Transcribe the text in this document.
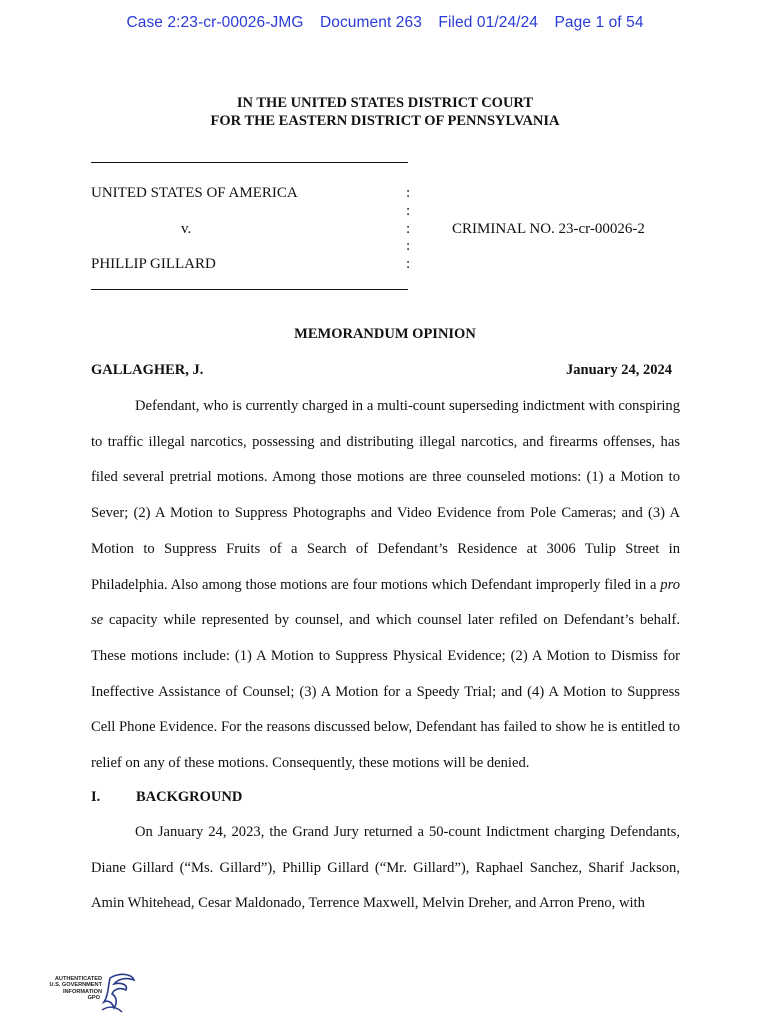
Case 2:23-cr-00026-JMG Document 263 Filed 01/24/24 Page 1 of 54
IN THE UNITED STATES DISTRICT COURT
FOR THE EASTERN DISTRICT OF PENNSYLVANIA
UNITED STATES OF AMERICA
v.
PHILLIP GILLARD
CRIMINAL NO. 23-cr-00026-2
:
:
:
:
:
MEMORANDUM OPINION
GALLAGHER, J.	January 24, 2024

Defendant, who is currently charged in a multi-count superseding indictment with conspiring to traffic illegal narcotics, possessing and distributing illegal narcotics, and firearms offenses, has filed several pretrial motions. Among those motions are three counseled motions: (1) a Motion to Sever; (2) A Motion to Suppress Photographs and Video Evidence from Pole Cameras; and (3) A Motion to Suppress Fruits of a Search of Defendant’s Residence at 3006 Tulip Street in Philadelphia. Also among those motions are four motions which Defendant improperly filed in a pro se capacity while represented by counsel, and which counsel later refiled on Defendant’s behalf. These motions include: (1) A Motion to Suppress Physical Evidence; (2) A Motion to Dismiss for Ineffective Assistance of Counsel; (3) A Motion for a Speedy Trial; and (4) A Motion to Suppress Cell Phone Evidence. For the reasons discussed below, Defendant has failed to show he is entitled to relief on any of these motions. Consequently, these motions will be denied.

I. BACKGROUND

On January 24, 2023, the Grand Jury returned a 50-count Indictment charging Defendants, Diane Gillard (“Ms. Gillard”), Phillip Gillard (“Mr. Gillard”), Raphael Sanchez, Sharif Jackson, Amin Whitehead, Cesar Maldonado, Terrence Maxwell, Melvin Dreher, and Arron Preno, with

AUTHENTICATED
U.S. GOVERNMENT
INFORMATION
GPO
